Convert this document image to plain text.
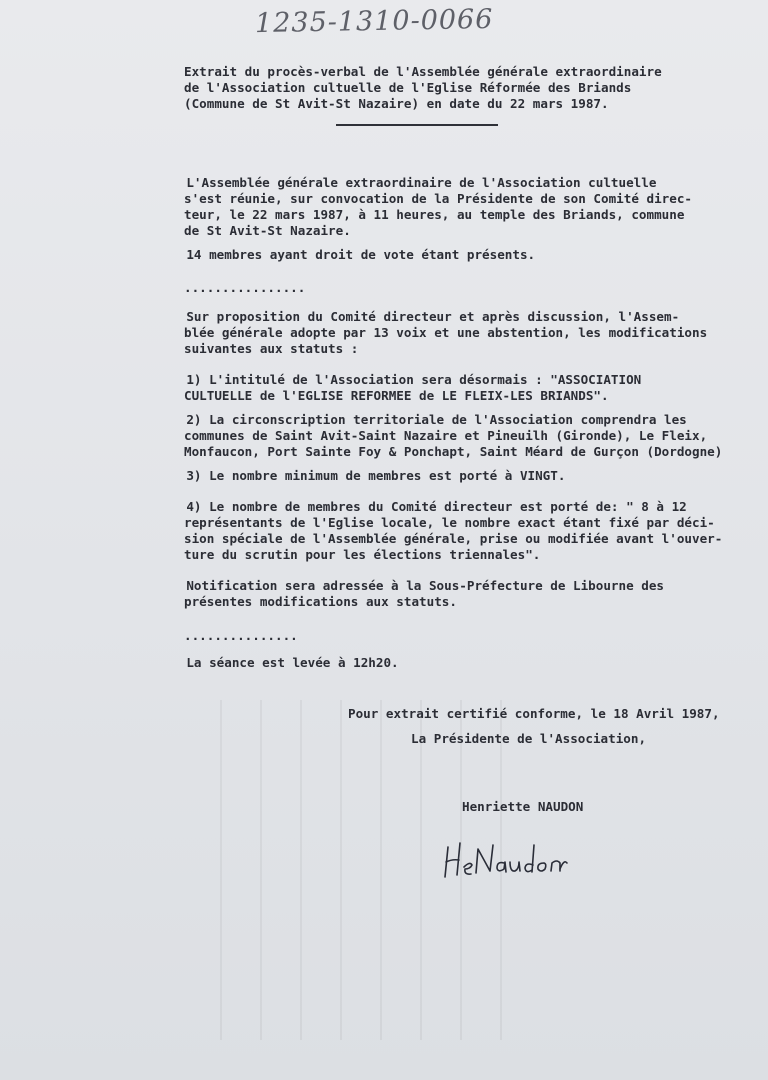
1235-1310-0066
Extrait du procès-verbal de l'Assemblée générale extraordinaire
de l'Association cultuelle de l'Eglise Réformée des Briands
(Commune de St Avit-St Nazaire) en date du 22 mars 1987.
L'Assemblée générale extraordinaire de l'Association cultuelle
s'est réunie, sur convocation de la Présidente de son Comité direc-
teur, le 22 mars 1987, à 11 heures, au temple des Briands, commune
de St Avit-St Nazaire.
14 membres ayant droit de vote étant présents.
................
Sur proposition du Comité directeur et après discussion, l'Assem-
blée générale adopte par 13 voix et une abstention, les modifications
suivantes aux statuts :
1) L'intitulé de l'Association sera désormais : "ASSOCIATION
CULTUELLE de l'EGLISE REFORMEE de LE FLEIX-LES BRIANDS".
2) La circonscription territoriale de l'Association comprendra les
communes de Saint Avit-Saint Nazaire et Pineuilh (Gironde), Le Fleix,
Monfaucon, Port Sainte Foy & Ponchapt, Saint Méard de Gurçon (Dordogne)
3) Le nombre minimum de membres est porté à VINGT.
4) Le nombre de membres du Comité directeur est porté de: " 8 à 12
représentants de l'Eglise locale, le nombre exact étant fixé par déci-
sion spéciale de l'Assemblée générale, prise ou modifiée avant l'ouver-
ture du scrutin pour les élections triennales".
Notification sera adressée à la Sous-Préfecture de Libourne des
présentes modifications aux statuts.
...............
La séance est levée à 12h20.
Pour extrait certifié conforme, le 18 Avril 1987,
La Présidente de l'Association,
Henriette NAUDON
